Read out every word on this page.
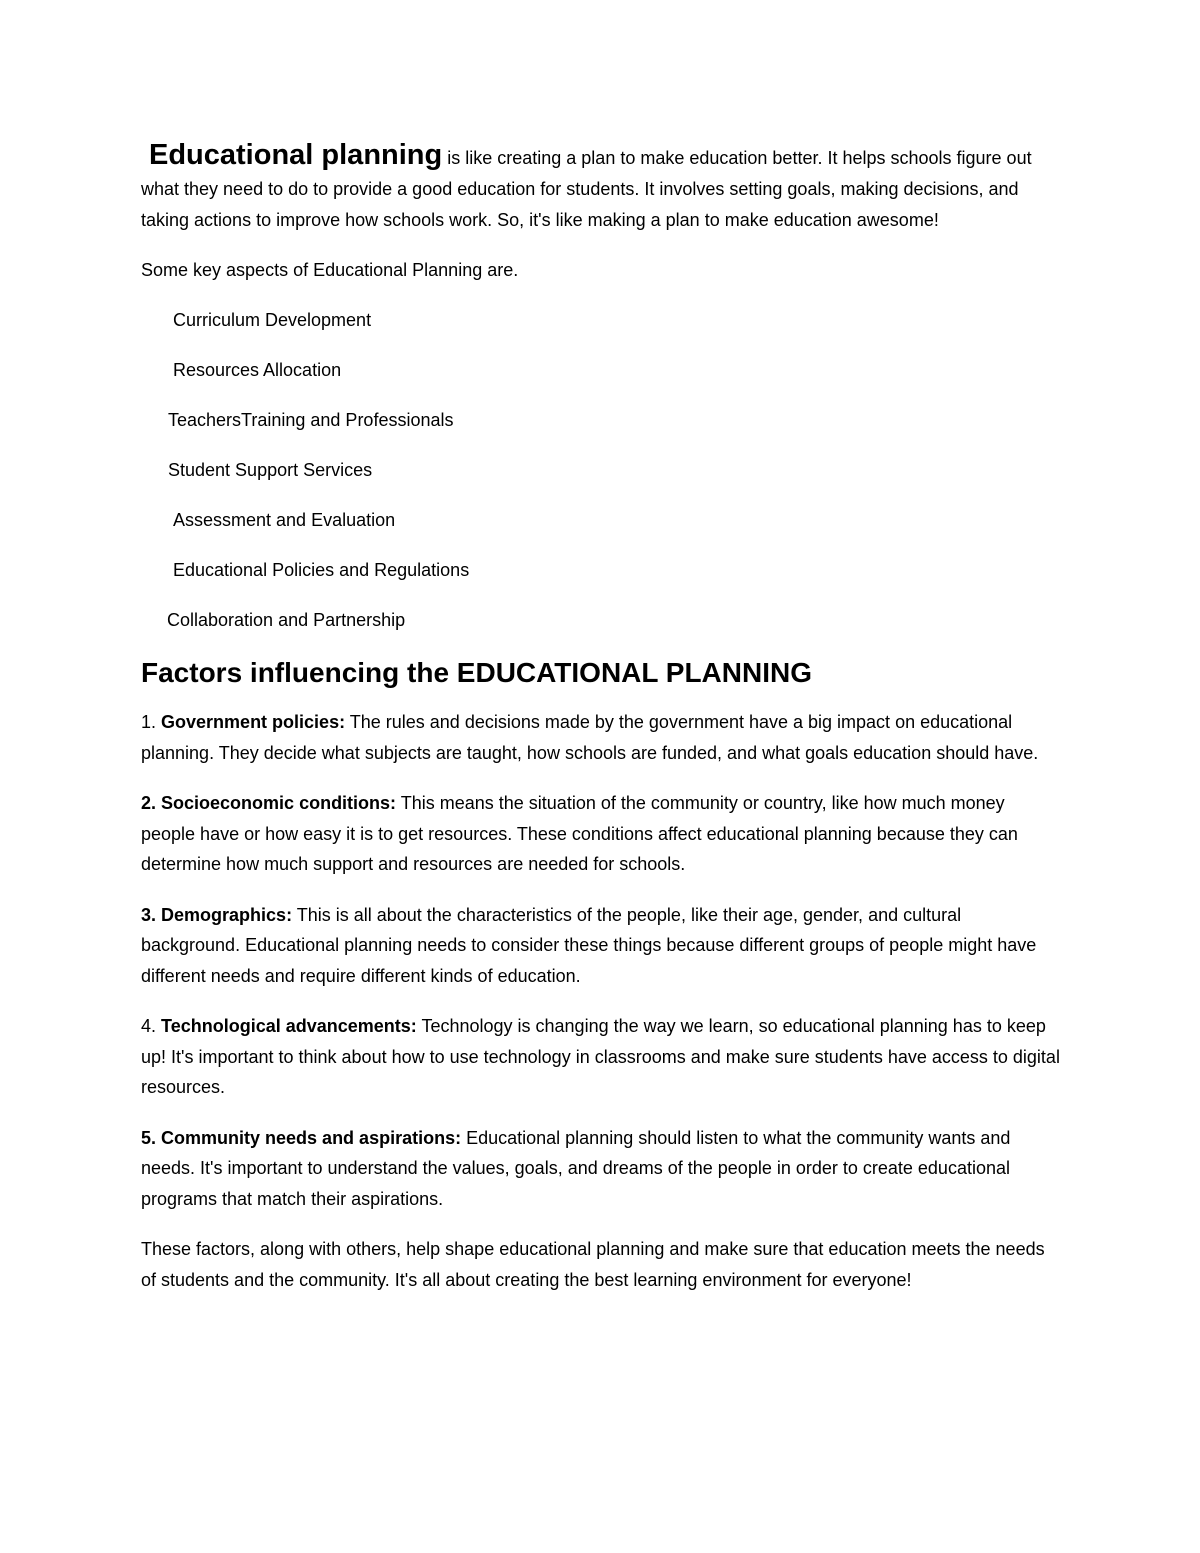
Educational planning is like creating a plan to make education better. It helps schools figure out what they need to do to provide a good education for students. It involves setting goals, making decisions, and taking actions to improve how schools work. So, it's like making a plan to make education awesome!

Some key aspects of Educational Planning are.

Curriculum Development
Resources Allocation
TeachersTraining and Professionals
Student Support Services
Assessment and Evaluation
Educational Policies and Regulations
Collaboration and Partnership
Factors influencing the EDUCATIONAL PLANNING

1. Government policies: The rules and decisions made by the government have a big impact on educational planning. They decide what subjects are taught, how schools are funded, and what goals education should have.

2. Socioeconomic conditions: This means the situation of the community or country, like how much money people have or how easy it is to get resources. These conditions affect educational planning because they can determine how much support and resources are needed for schools.

3. Demographics: This is all about the characteristics of the people, like their age, gender, and cultural background. Educational planning needs to consider these things because different groups of people might have different needs and require different kinds of education.

4. Technological advancements: Technology is changing the way we learn, so educational planning has to keep up! It's important to think about how to use technology in classrooms and make sure students have access to digital resources.

5. Community needs and aspirations: Educational planning should listen to what the community wants and needs. It's important to understand the values, goals, and dreams of the people in order to create educational programs that match their aspirations.

These factors, along with others, help shape educational planning and make sure that education meets the needs of students and the community. It's all about creating the best learning environment for everyone!
